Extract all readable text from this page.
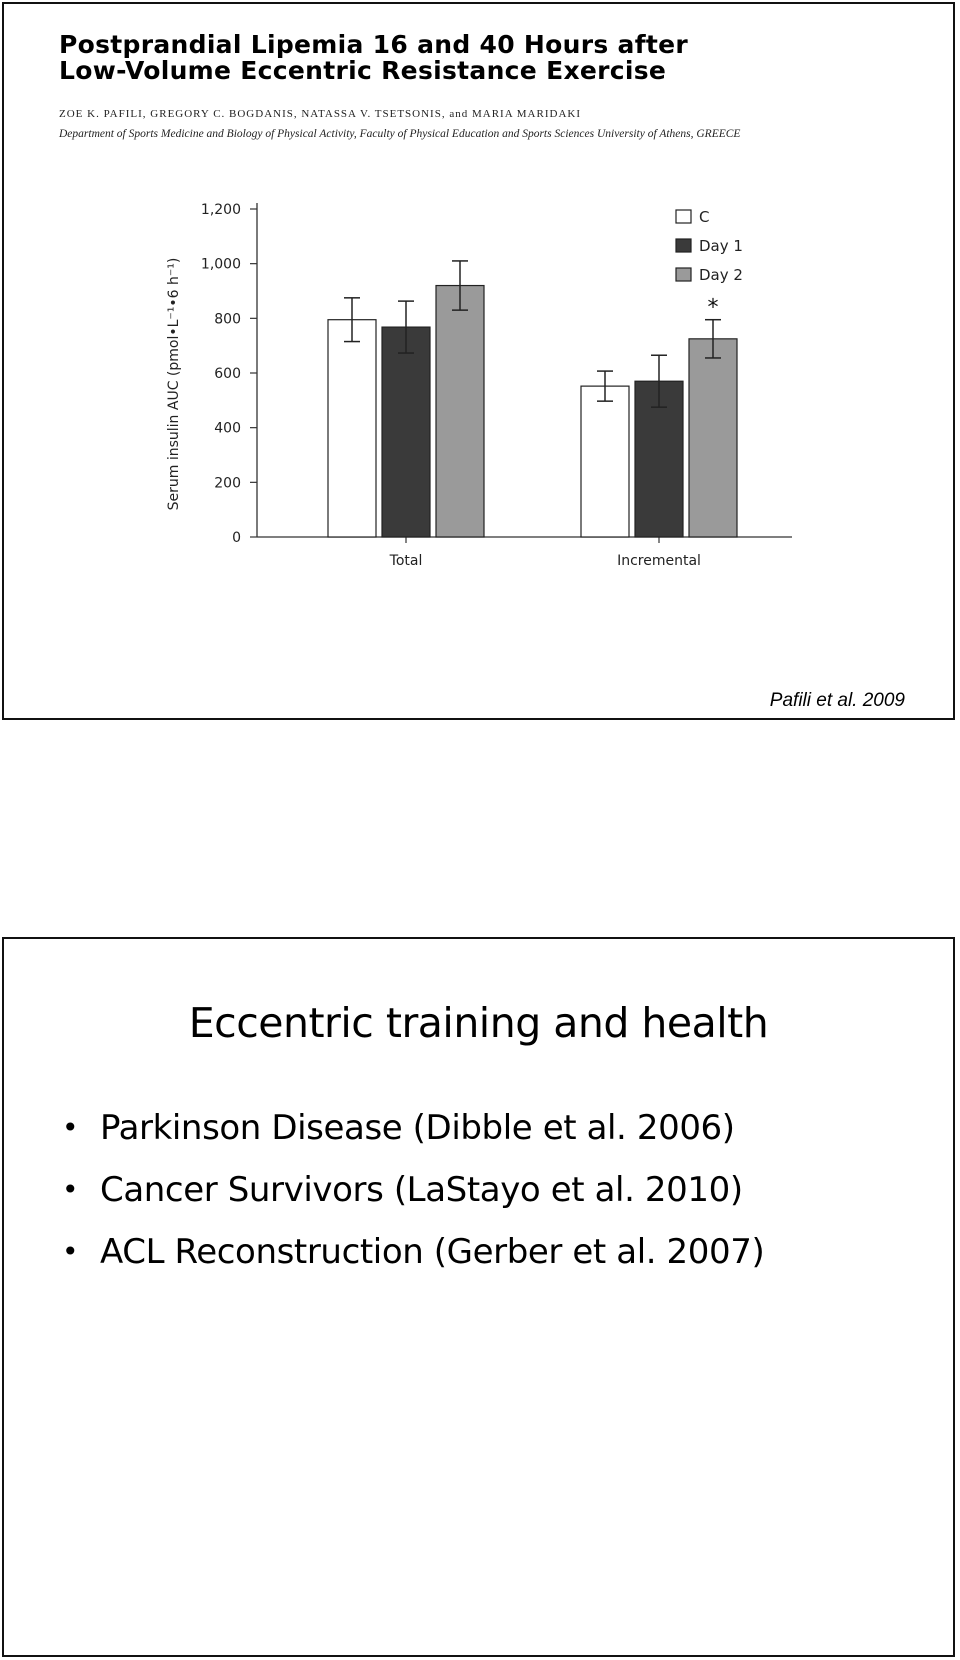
Postprandial Lipemia 16 and 40 Hours after
Low-Volume Eccentric Resistance Exercise
ZOE K. PAFILI, GREGORY C. BOGDANIS, NATASSA V. TSETSONIS, and MARIA MARIDAKI
Department of Sports Medicine and Biology of Physical Activity, Faculty of Physical Education and Sports Sciences University of Athens, GREECE
0
200
400
600
800
1,000
1,200
Serum insulin AUC (pmol•L⁻¹•6 h⁻¹)
Total	Incremental
*
C
Day 1
Day 2
Pafili et al. 2009
Eccentric training and health
• Parkinson Disease (Dibble et al. 2006)
• Cancer Survivors (LaStayo et al. 2010)
• ACL Reconstruction (Gerber et al. 2007)
